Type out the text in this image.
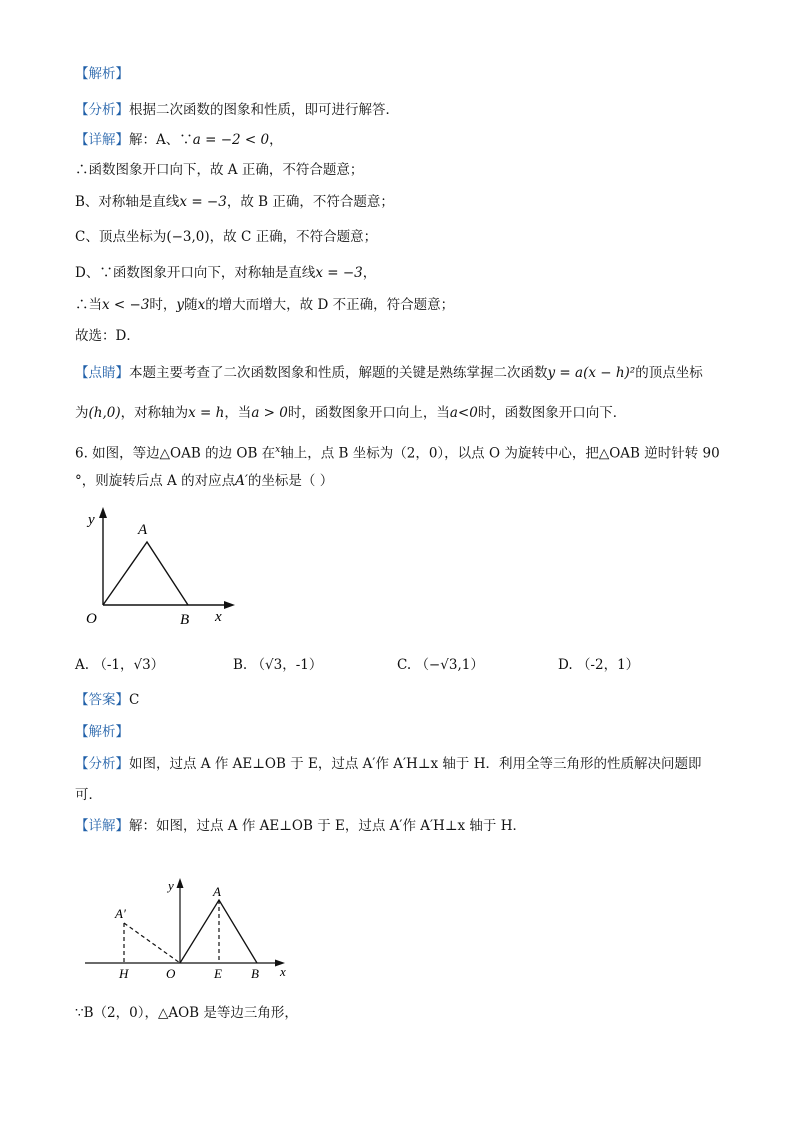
【解析】
【分析】根据二次函数的图象和性质，即可进行解答．
【详解】解：A、∵a = −2 < 0，
∴函数图象开口向下，故 A 正确，不符合题意；
B、对称轴是直线x = −3，故 B 正确，不符合题意；
C、顶点坐标为(−3,0)，故 C 正确，不符合题意；
D、∵函数图象开口向下，对称轴是直线x = −3，
∴当x < −3时，y随x的增大而增大，故 D 不正确，符合题意；
故选：D．
【点睛】本题主要考查了二次函数图象和性质，解题的关键是熟练掌握二次函数y = a(x − h)²的顶点坐标
为(h,0)，对称轴为x = h，当a > 0时，函数图象开口向上，当a<0时，函数图象开口向下．
6. 如图，等边△OAB 的边 OB 在$^x$轴上，点 B 坐标为（2，0），以点 O 为旋转中心，把△OAB 逆时针转 90
°，则旋转后点 A 的对应点A′的坐标是（ ）
y
A
O	B x
A. （-1，√3）	B. （√3，-1）	C. （−√3,1）	D. （-2，1）
【答案】C
【解析】
【分析】如图，过点 A 作 AE⊥OB 于 E，过点 A′作 A′H⊥x 轴于 H．利用全等三角形的性质解决问题即
可．
【详解】解：如图，过点 A 作 AE⊥OB 于 E，过点 A′作 A′H⊥x 轴于 H．
y	A
A′
H	O	E B x
∵B（2，0），△AOB 是等边三角形，
